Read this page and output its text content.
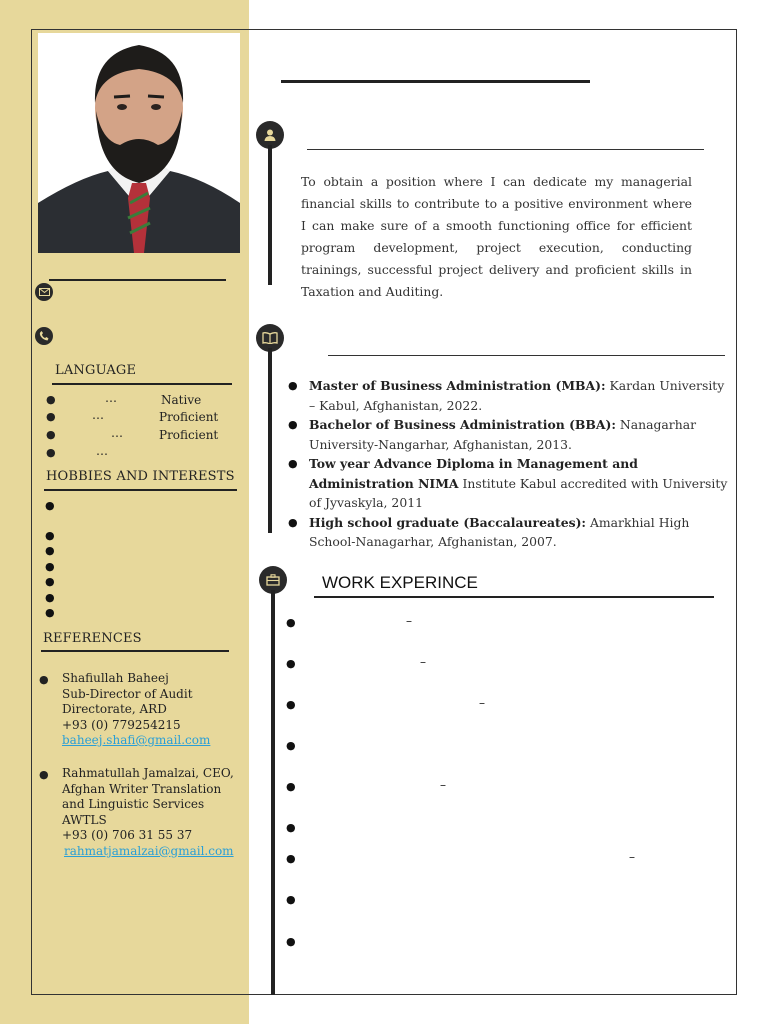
LANGUAGE
●	…	Native
●	…	Proficient
●	…	Proficient
●	…
HOBBIES AND INTERESTS
●
●
●
●
●
●
●
REFERENCES
● Shafiullah Baheej
Sub-Director of Audit
Directorate, ARD
+93 (0) 779254215
baheej.shafi@gmail.com
● Rahmatullah Jamalzai, CEO,
Afghan Writer Translation
and Linguistic Services
AWTLS
+93 (0) 706 31 55 37
rahmatjamalzai@gmail.com
To obtain a position where I can dedicate my managerial financial skills to contribute to a positive environment where I can make sure of a smooth functioning office for efficient program development, project execution, conducting trainings, successful project delivery and proficient skills in Taxation and Auditing.

● Master of Business Administration (MBA): Kardan University – Kabul, Afghanistan, 2022.

● Bachelor of Business Administration (BBA): Nanagarhar University-Nangarhar, Afghanistan, 2013.

● Tow year Advance Diploma in Management and Administration NIMA Institute Kabul accredited with University of Jyvaskyla, 2011

● High school graduate (Baccalaureates): Amarkhial High School-Nanagarhar, Afghanistan, 2007.

WORK EXPERINCE
●	–
●	–
●	–
●
●	–
●
●	–
●
●
